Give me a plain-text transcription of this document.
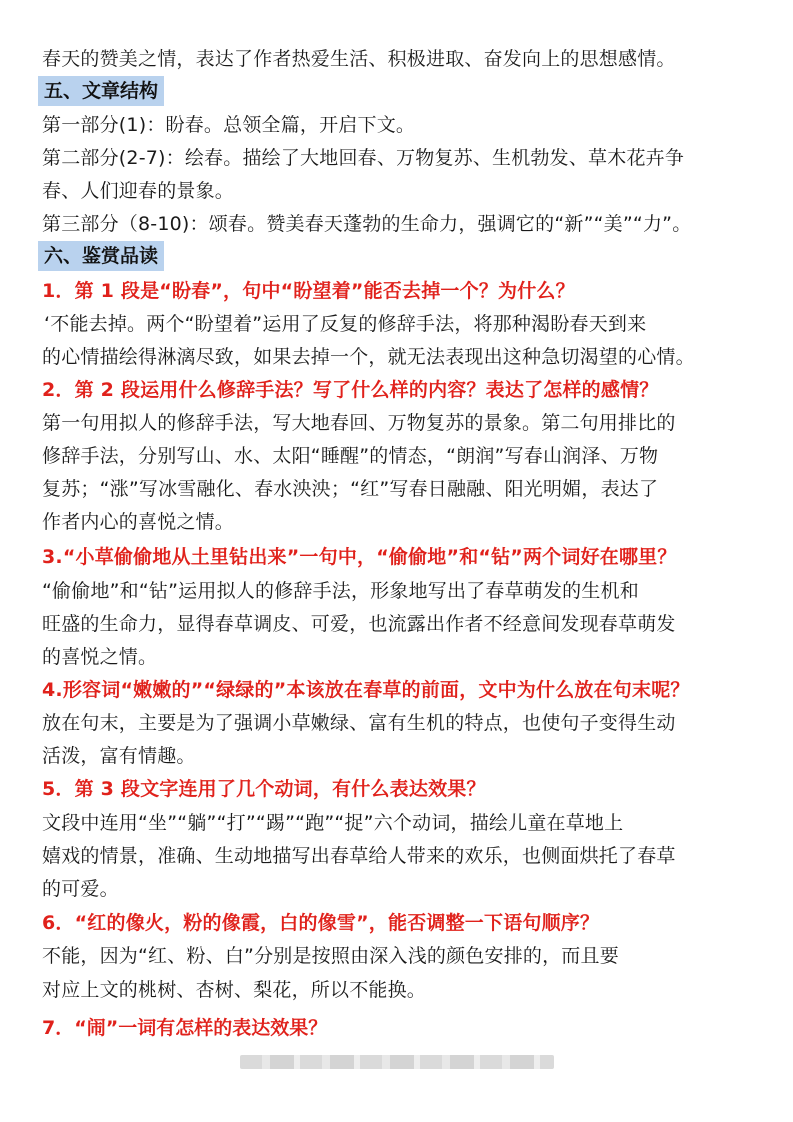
春天的赞美之情，表达了作者热爱生活、积极进取、奋发向上的思想感情。
五、文章结构
第一部分(1)：盼春。总领全篇，开启下文。
第二部分(2-7)：绘春。描绘了大地回春、万物复苏、生机勃发、草木花卉争
春、人们迎春的景象。
第三部分（8-10)：颂春。赞美春天蓬勃的生命力，强调它的“新”“美”“力”。
六、鉴赏品读
1．第 1 段是“盼春”，句中“盼望着”能否去掉一个？为什么？
‘不能去掉。两个“盼望着”运用了反复的修辞手法，将那种渴盼春天到来
的心情描绘得淋漓尽致，如果去掉一个，就无法表现出这种急切渴望的心情。
2．第 2 段运用什么修辞手法？写了什么样的内容？表达了怎样的感情？
第一句用拟人的修辞手法，写大地春回、万物复苏的景象。第二句用排比的
修辞手法，分别写山、水、太阳“睡醒”的情态，“朗润”写春山润泽、万物
复苏；“涨”写冰雪融化、春水泱泱；“红”写春日融融、阳光明媚，表达了
作者内心的喜悦之情。
3.“小草偷偷地从土里钻出来”一句中，“偷偷地”和“钻”两个词好在哪里？
“偷偷地”和“钻”运用拟人的修辞手法，形象地写出了春草萌发的生机和
旺盛的生命力，显得春草调皮、可爱，也流露出作者不经意间发现春草萌发
的喜悦之情。
4.形容词“嫩嫩的”“绿绿的”本该放在春草的前面，文中为什么放在句末呢？
放在句末，主要是为了强调小草嫩绿、富有生机的特点，也使句子变得生动
活泼，富有情趣。
5．第 3 段文字连用了几个动词，有什么表达效果？
文段中连用“坐”“躺”“打”“踢”“跑”“捉”六个动词，描绘儿童在草地上
嬉戏的情景，准确、生动地描写出春草给人带来的欢乐，也侧面烘托了春草
的可爱。
6．“红的像火，粉的像霞，白的像雪”，能否调整一下语句顺序？
不能，因为“红、粉、白”分别是按照由深入浅的颜色安排的，而且要
对应上文的桃树、杏树、梨花，所以不能换。
7．“闹”一词有怎样的表达效果？
